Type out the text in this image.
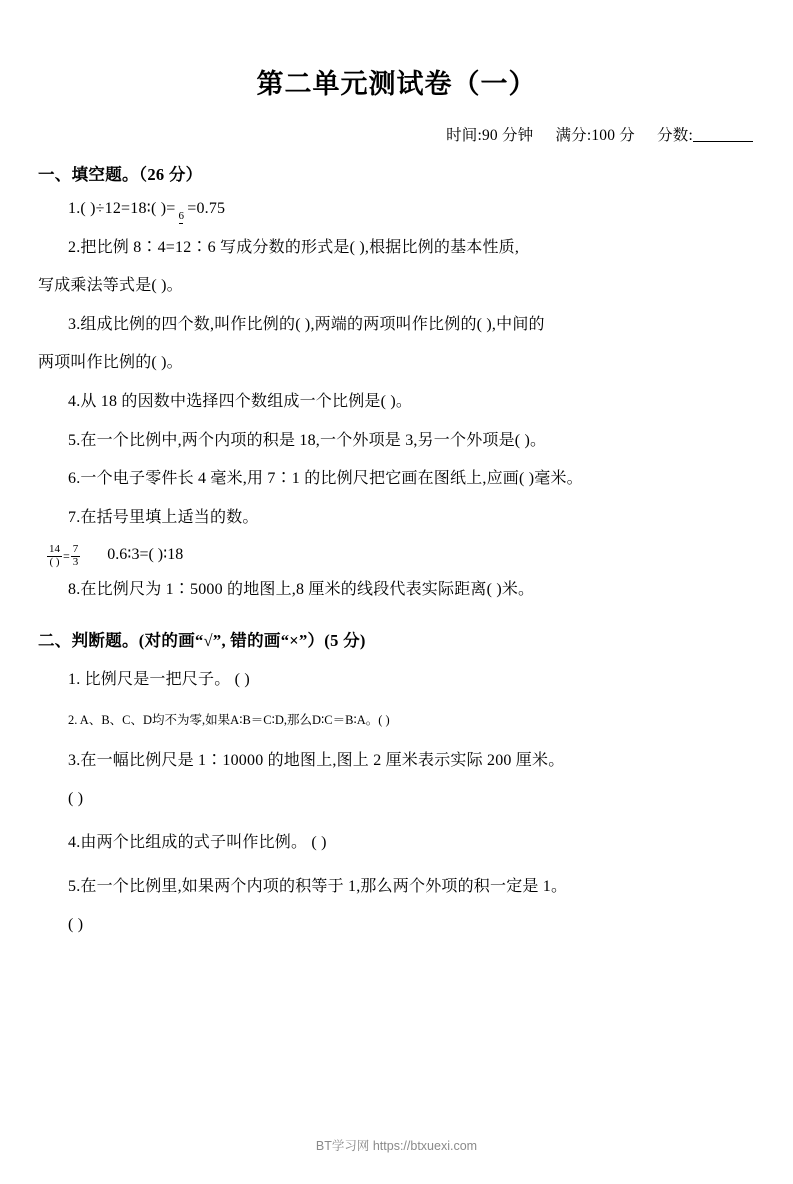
第二单元测试卷（一）
时间:90 分钟 满分:100 分 分数:
一、填空题。（26 分）
1.( )÷12=18∶( )= 6 =0.75
2.把比例 8∶4=12∶6 写成分数的形式是( ),根据比例的基本性质,
写成乘法等式是( )。
3.组成比例的四个数,叫作比例的( ),两端的两项叫作比例的( ),中间的
两项叫作比例的( )。
4.从 18 的因数中选择四个数组成一个比例是( )。
5.在一个比例中,两个内项的积是 18,一个外项是 3,另一个外项是( )。
6.一个电子零件长 4 毫米,用 7∶1 的比例尺把它画在图纸上,应画( )毫米。
7.在括号里填上适当的数。
$\frac{14}{( )} = \frac{7}{3}$ 0.6∶3=( )∶18
8.在比例尺为 1∶5000 的地图上,8 厘米的线段代表实际距离( )米。
二、判断题。(对的画“√”, 错的画“×”）(5 分)
1. 比例尺是一把尺子。 ( )
2. A、B、C、D均不为零,如果A∶B＝C∶D,那么D∶C＝B∶A。( )
3.在一幅比例尺是 1∶10000 的地图上,图上 2 厘米表示实际 200 厘米。
( )
4.由两个比组成的式子叫作比例。 ( )
5.在一个比例里,如果两个内项的积等于 1,那么两个外项的积一定是 1。
( )
BT学习网 https://btxuexi.com
